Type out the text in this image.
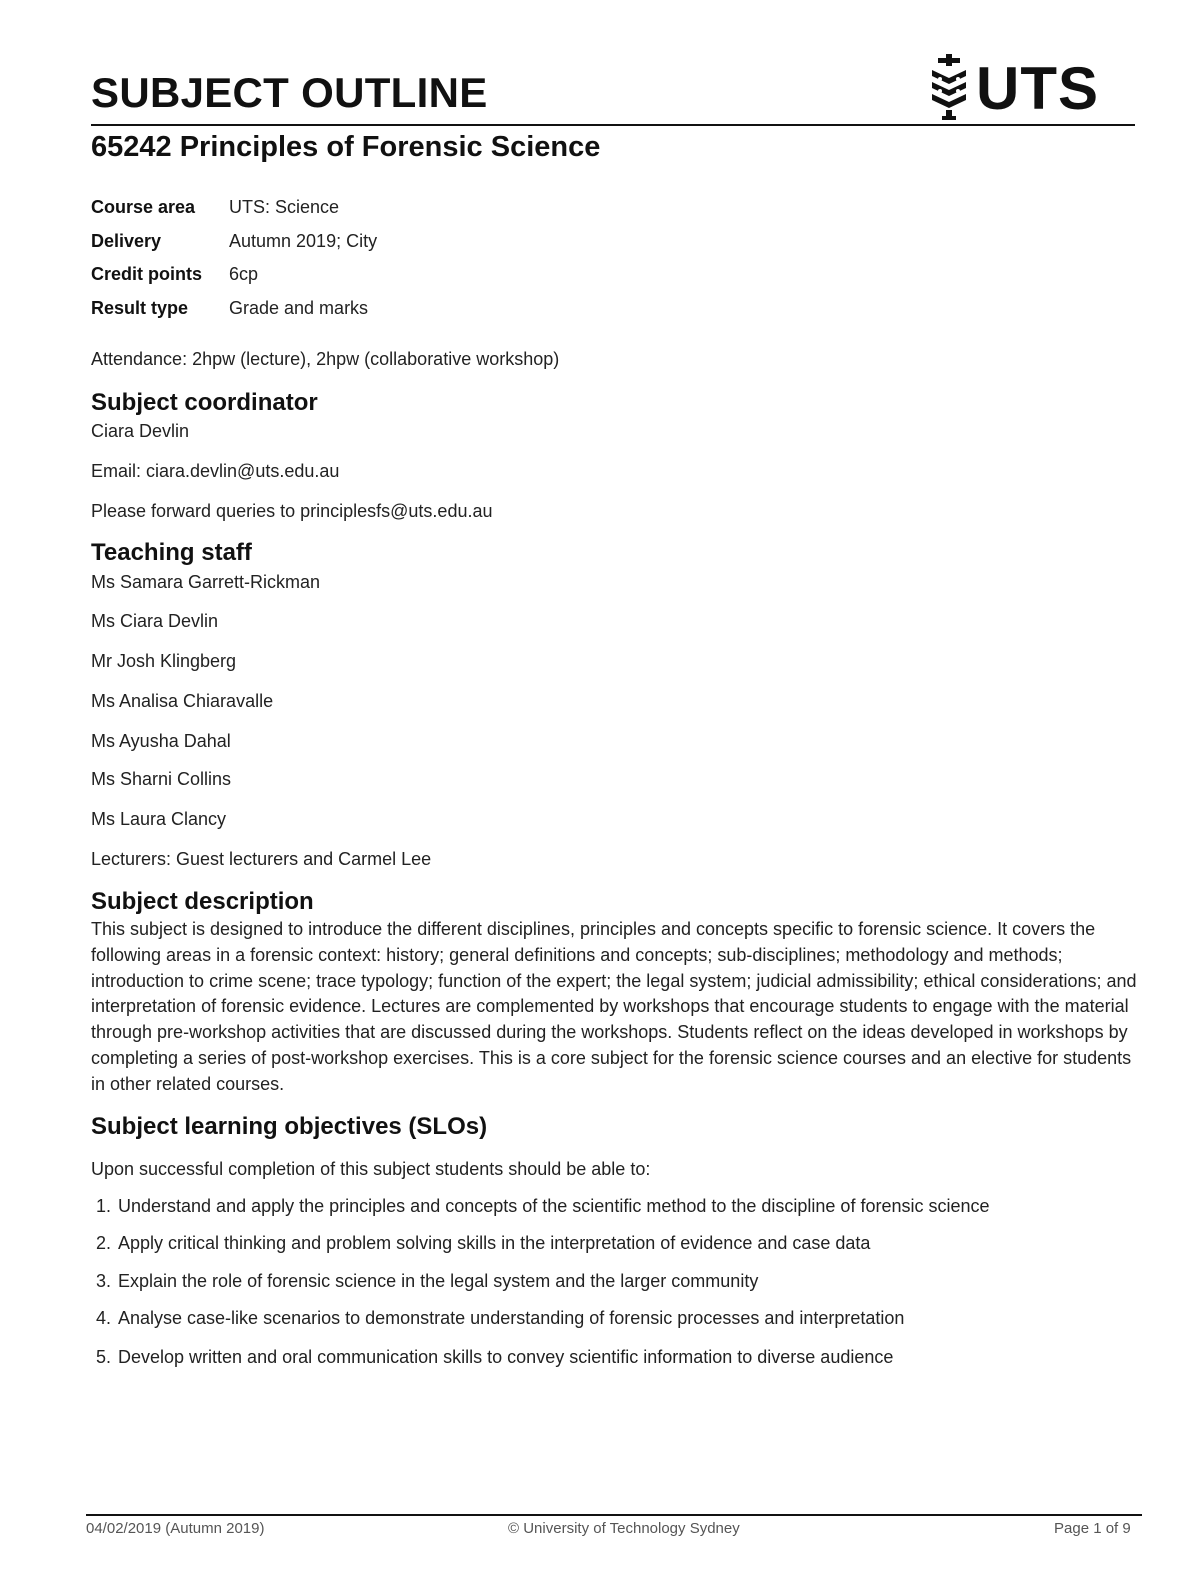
SUBJECT OUTLINE	UTS
65242 Principles of Forensic Science
Course area	UTS: Science
Delivery	Autumn 2019; City
Credit points	6cp
Result type	Grade and marks

Attendance: 2hpw (lecture), 2hpw (collaborative workshop)

Subject coordinator

Ciara Devlin

Email: ciara.devlin@uts.edu.au

Please forward queries to principlesfs@uts.edu.au

Teaching staff

Ms Samara Garrett-Rickman

Ms Ciara Devlin

Mr Josh Klingberg

Ms Analisa Chiaravalle

Ms Ayusha Dahal

Ms Sharni Collins

Ms Laura Clancy

Lecturers: Guest lecturers and Carmel Lee

Subject description

This subject is designed to introduce the different disciplines, principles and concepts specific to forensic science. It covers the following areas in a forensic context: history; general definitions and concepts; sub-disciplines; methodology and methods; introduction to crime scene; trace typology; function of the expert; the legal system; judicial admissibility; ethical considerations; and interpretation of forensic evidence. Lectures are complemented by workshops that encourage students to engage with the material through pre-workshop activities that are discussed during the workshops. Students reflect on the ideas developed in workshops by completing a series of post-workshop exercises. This is a core subject for the forensic science courses and an elective for students in other related courses.

Subject learning objectives (SLOs)

Upon successful completion of this subject students should be able to:

1. Understand and apply the principles and concepts of the scientific method to the discipline of forensic science
2. Apply critical thinking and problem solving skills in the interpretation of evidence and case data
3. Explain the role of forensic science in the legal system and the larger community
4. Analyse case-like scenarios to demonstrate understanding of forensic processes and interpretation
5. Develop written and oral communication skills to convey scientific information to diverse audience
04/02/2019 (Autumn 2019)	© University of Technology Sydney	Page 1 of 9
